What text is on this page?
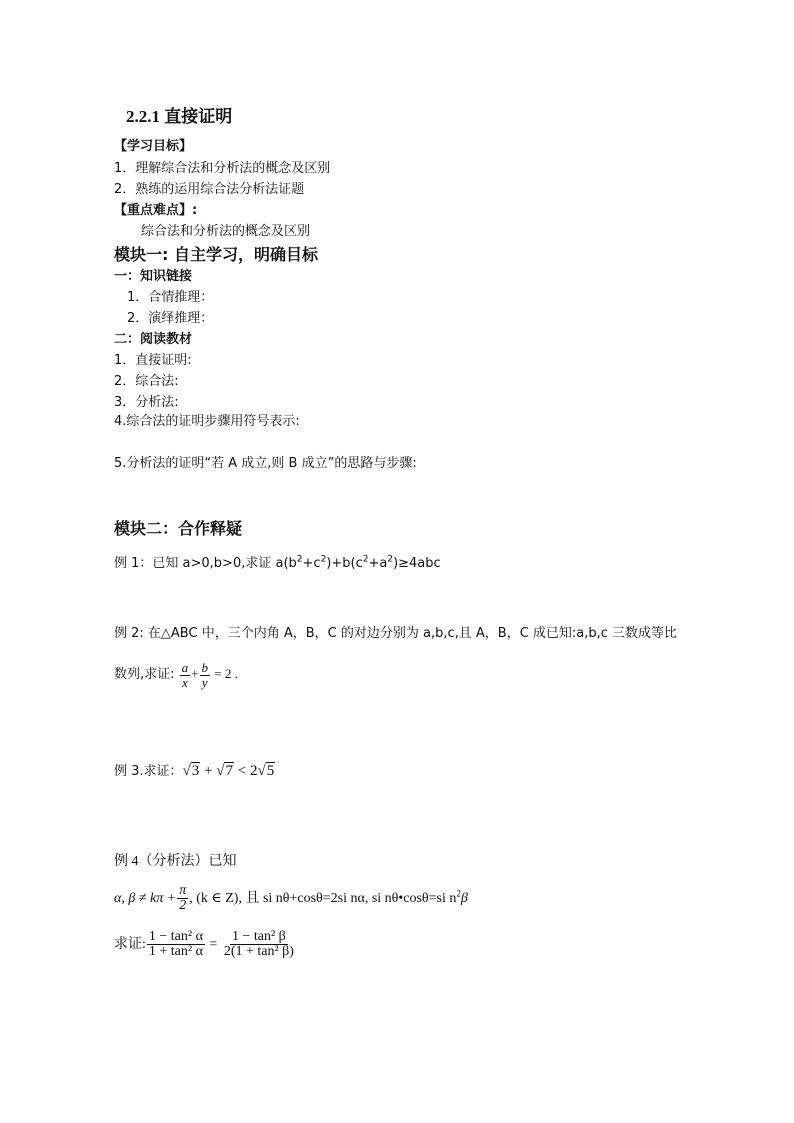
2.2.1 直接证明
【学习目标】
1．理解综合法和分析法的概念及区别
2．熟练的运用综合法分析法证题
【重点难点】:
综合法和分析法的概念及区别
模块一: 自主学习，明确目标
一：知识链接
1．合情推理：
2．演绎推理：
二：阅读教材
1．直接证明:
2．综合法:
3．分析法:
4.综合法的证明步骤用符号表示:
5.分析法的证明“若 A 成立,则 B 成立”的思路与步骤:
模块二：合作释疑
例 1：已知 a>0,b>0,求证 $a(b^2+c^2)+b(c^2+a^2)\ge 4abc$
例 2: 在△ABC 中，三个内角 A，B，C 的对边分别为 a,b,c,且 A，B，C 成已知:a,b,c 三数成等比
数列,求证: $\frac{a}{x} + \frac{b}{y} = 2$ .
例 3.求证：√3 + √7 < 2√5
例 4（分析法）已知
α, $\beta \ne k\pi + \frac{\pi}{2}$ , (k ∈ Z), 且 si nθ+cosθ=2si nα, si nθ•cosθ=si $n^2\beta$
求证: $\frac{\text{1 − tan² α}}{\text{1 + tan² α}} = \frac{\text{1 − tan² β}}{\text{2(1 + tan² β)}}$
